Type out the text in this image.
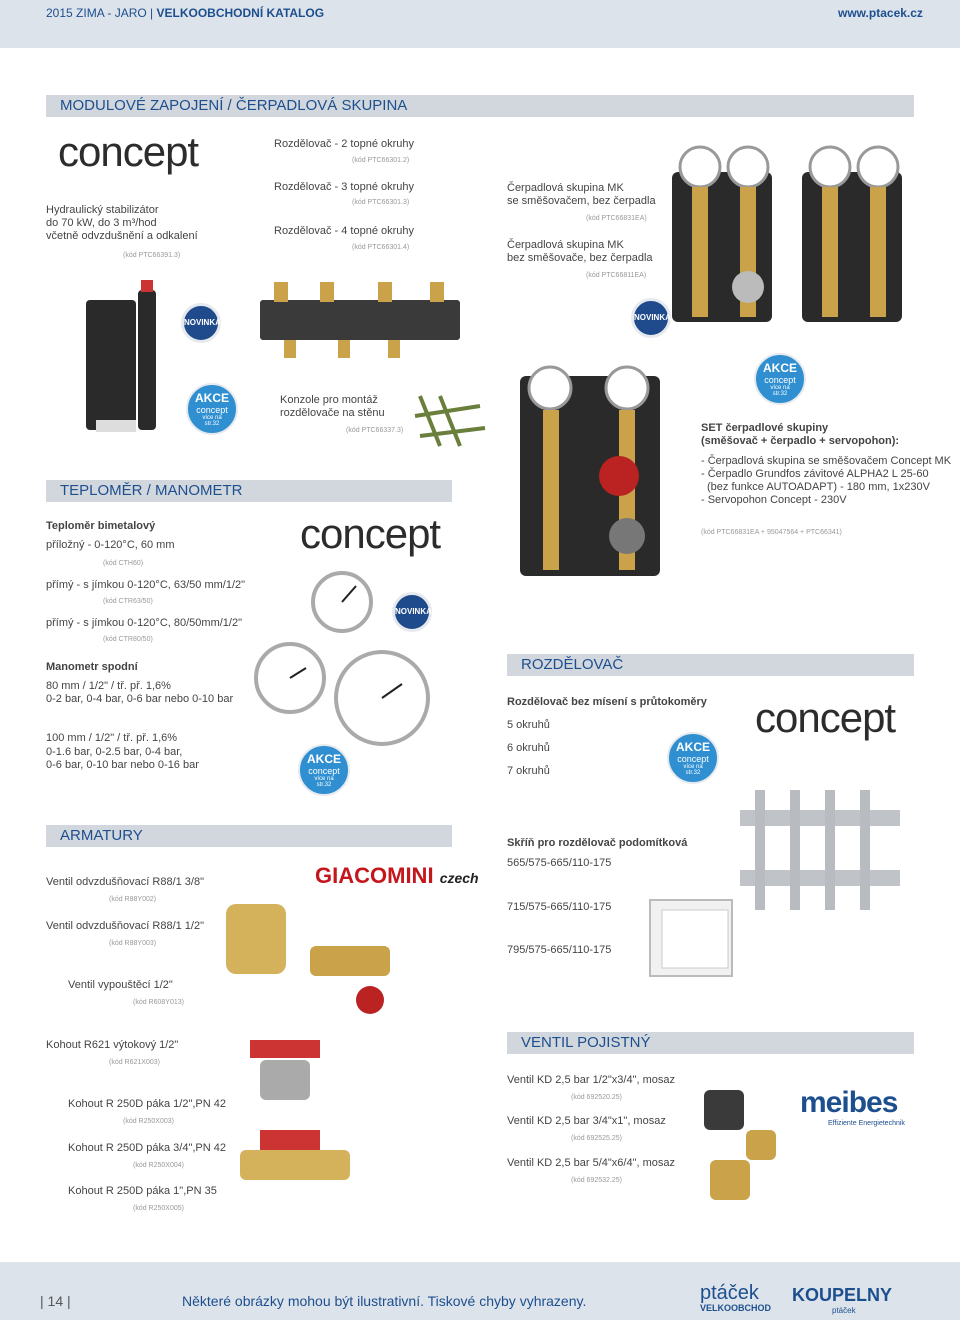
2015 ZIMA - JARO | VELKOOBCHODNÍ KATALOG	www.ptacek.cz
MODULOVÉ ZAPOJENÍ / ČERPADLOVÁ SKUPINA
concept	Rozdělovač - 2 topné okruhy
(kód PTC66301.2)
Rozdělovač - 3 topné okruhy
(kód PTC66301.3)
Rozdělovač - 4 topné okruhy
(kód PTC66301.4)
Hydraulický stabilizátor
do 70 kW, do 3 m³/hod
včetně odvzdušnění a odkalení
(kód PTC66391.3)
Čerpadlová skupina MK
se směšovačem, bez čerpadla
(kód PTC66831EA)
Čerpadlová skupina MK
bez směšovače, bez čerpadla
(kód PTC66811EA)
NOVINKA
NOVINKA
AKCE
concept
více na
str.32
Konzole pro montáž
rozdělovače na stěnu
(kód PTC66337.3)
AKCE
concept
více na
str.32
SET čerpadlové skupiny
(směšovač + čerpadlo + servopohon):
- Čerpadlová skupina se směšovačem Concept MK
- Čerpadlo Grundfos závitové ALPHA2 L 25-60
(bez funkce AUTOADAPT) - 180 mm, 1x230V
- Servopohon Concept - 230V
(kód PTC66831EA + 95047564 + PTC66341)
TEPLOMĚR / MANOMETR
Teploměr bimetalový
příložný - 0-120°C, 60 mm
(kód CTH60)
přímý - s jímkou 0-120°C, 63/50 mm/1/2"
(kód CTR63/50)
přímý - s jímkou 0-120°C, 80/50mm/1/2"
(kód CTR80/50)
concept
NOVINKA
Manometr spodní
80 mm / 1/2" / tř. př. 1,6%
0-2 bar, 0-4 bar, 0-6 bar nebo 0-10 bar
100 mm / 1/2" / tř. př. 1,6%
0-1.6 bar, 0-2.5 bar, 0-4 bar,
0-6 bar, 0-10 bar nebo 0-16 bar	AKCE
concept
více na
str.32
ROZDĚLOVAČ
Rozdělovač bez mísení s průtokoměry
5 okruhů
6 okruhů
7 okruhů
AKCE
concept
více na
str.32
concept
ARMATURY
GIACOMINI czech
Ventil odvzdušňovací R88/1 3/8"
(kód R88Y002)
Ventil odvzdušňovací R88/1 1/2"
(kód R88Y003)
Ventil vypouštěcí 1/2"
(kód R608Y013)
Kohout R621 výtokový 1/2"
(kód R621X003)
Kohout R 250D páka 1/2",PN 42
(kód R250X003)
Kohout R 250D páka 3/4",PN 42
(kód R250X004)
Kohout R 250D páka 1",PN 35
(kód R250X005)
Skříň pro rozdělovač podomítková
565/575-665/110-175
715/575-665/110-175
795/575-665/110-175
VENTIL POJISTNÝ
Ventil KD 2,5 bar 1/2"x3/4", mosaz
(kód 692520.25)
Ventil KD 2,5 bar 3/4"x1", mosaz
(kód 692525.25)
Ventil KD 2,5 bar 5/4"x6/4", mosaz
(kód 692532.25)
meibes
Effiziente Energietechnik
| 14 |	Některé obrázky mohou být ilustrativní. Tiskové chyby vyhrazeny.	ptáček
VELKOOBCHOD
KOUPELNY
ptáček
